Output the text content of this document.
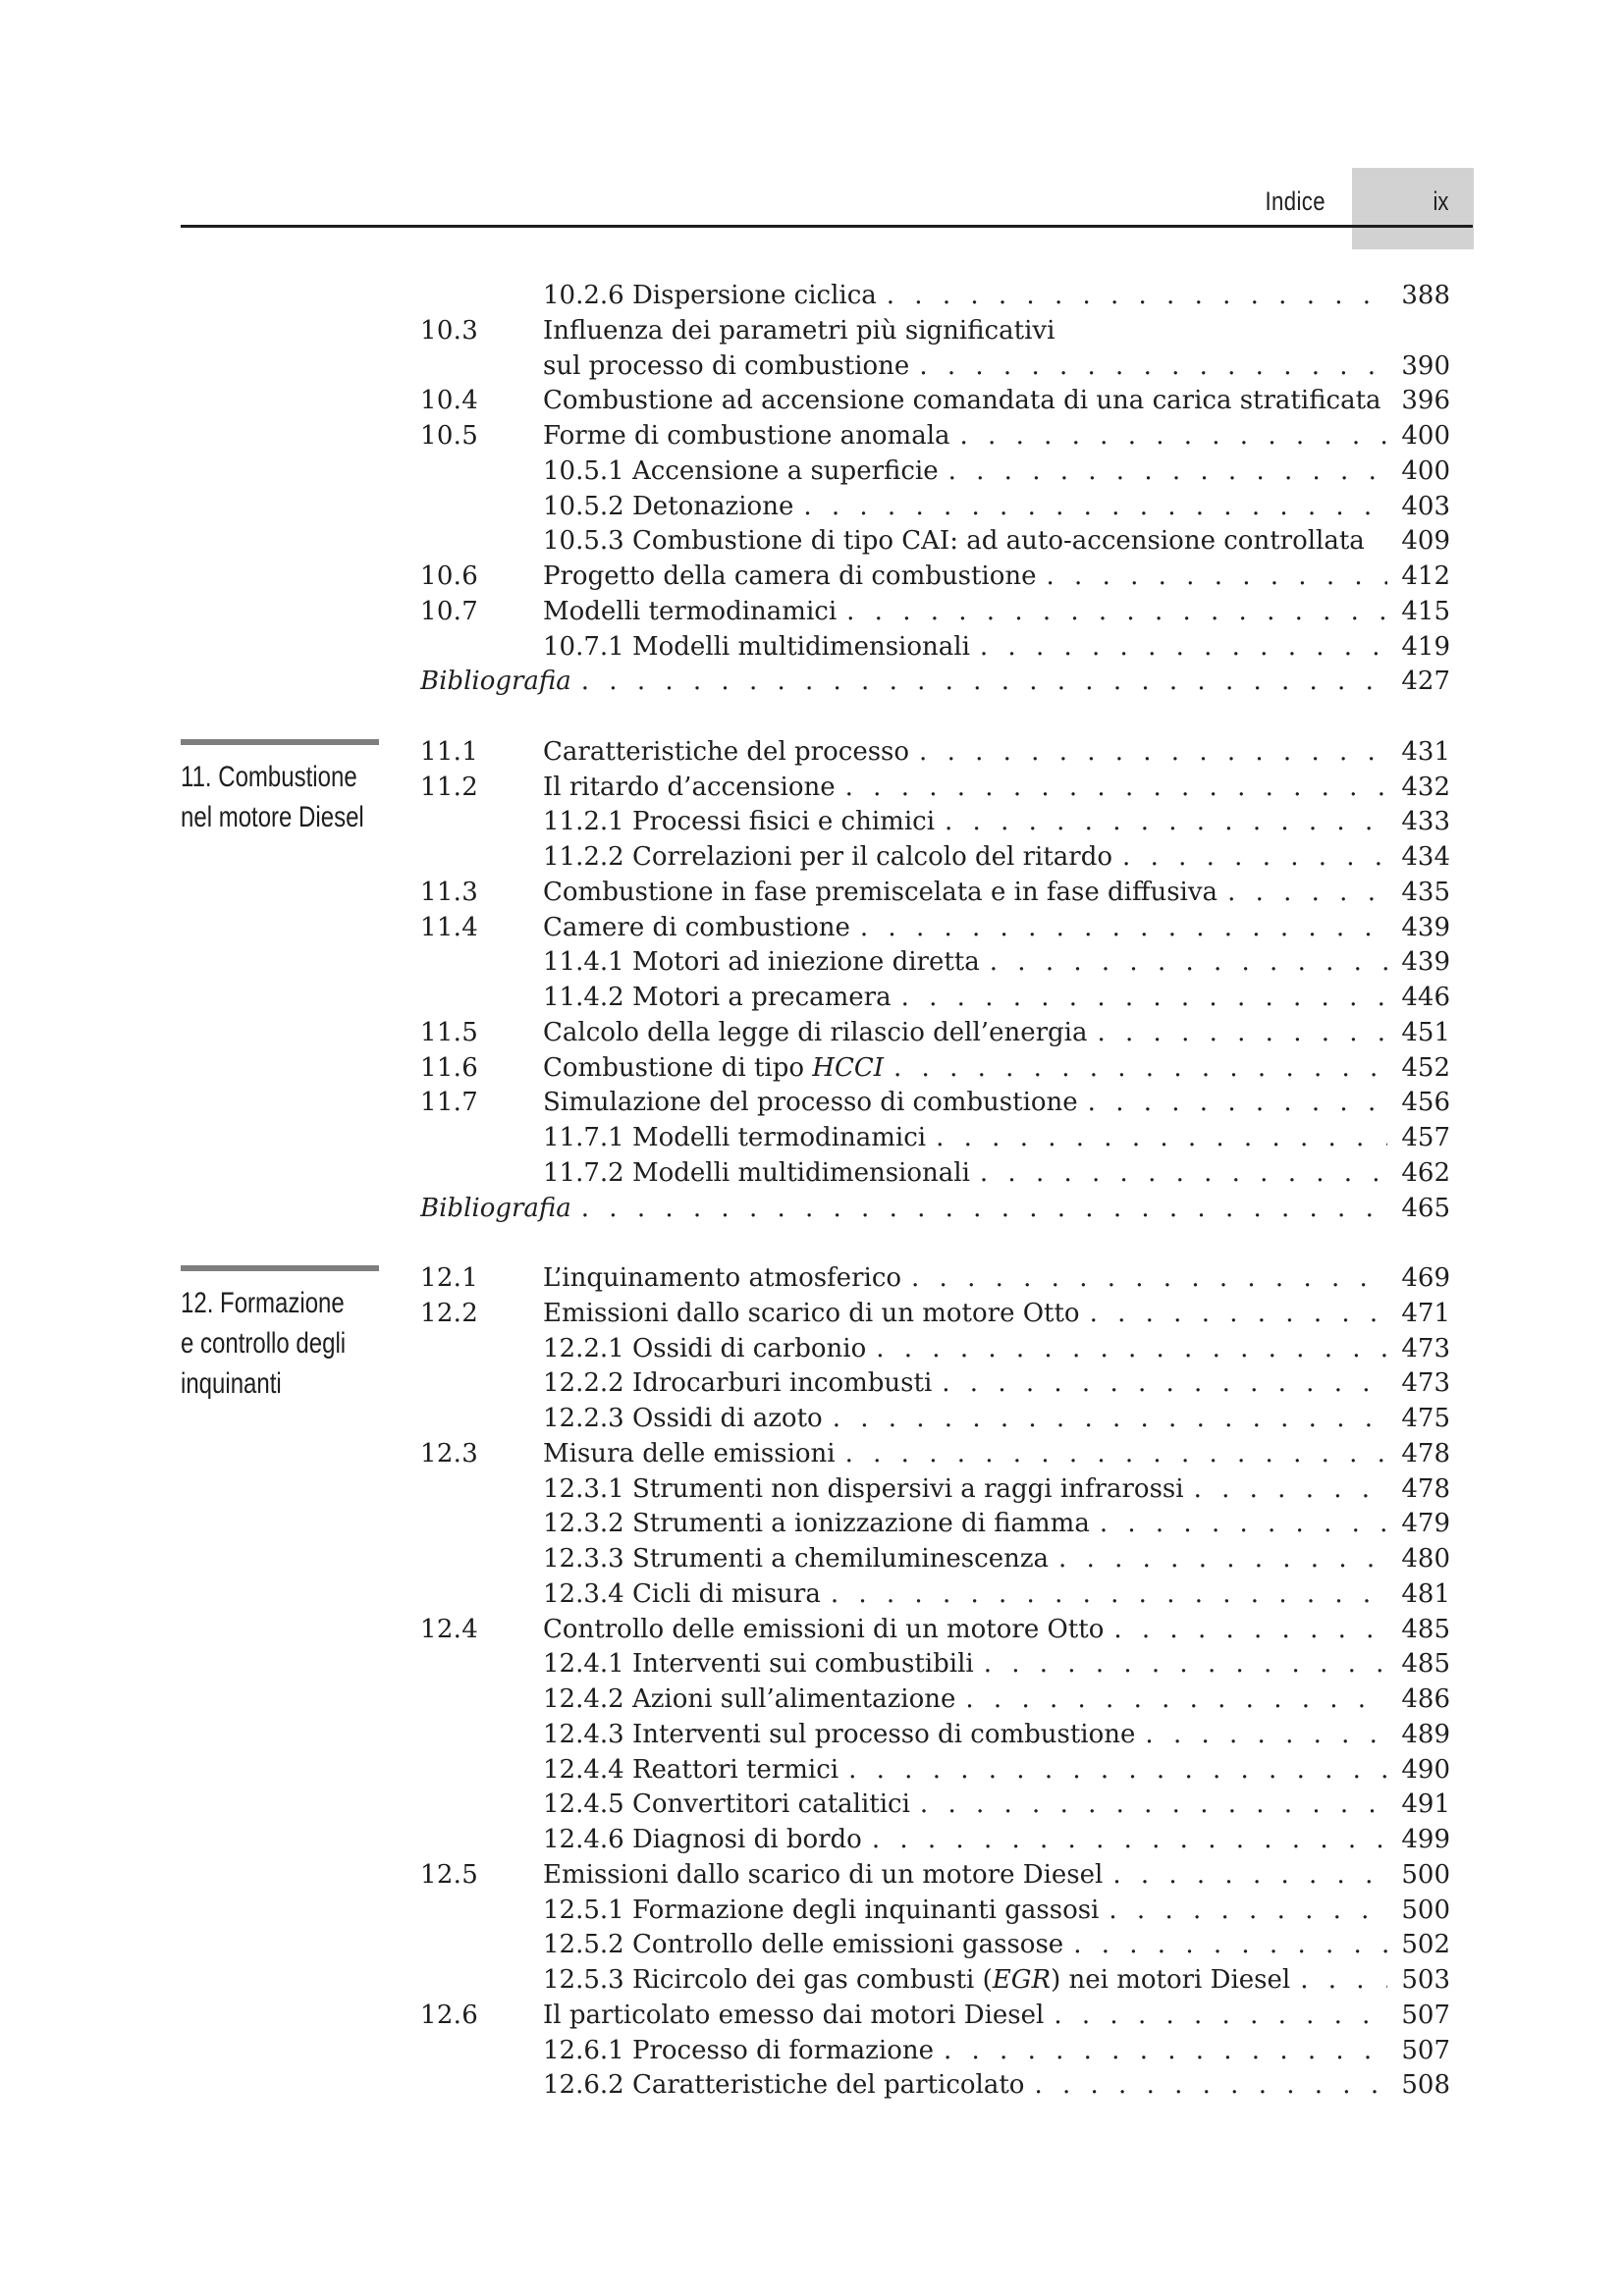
Indice	ix
11. Combustione
nel motore Diesel
12. Formazione
e controllo degli
inquinanti
10.2.6 Dispersione ciclica . . .	388
10.3	Influenza dei parametri più significativi
sul processo di combustione . . .	390
10.4	Combustione ad accensione comandata di una carica stratificata 396
10.5	Forme di combustione anomala . . .	400
10.5.1 Accensione a superficie . . .	400
10.5.2 Detonazione . . .	403
10.5.3 Combustione di tipo CAI: ad auto-accensione controllata	409
10.6	Progetto della camera di combustione . . .	412
10.7	Modelli termodinamici . . .	415
10.7.1 Modelli multidimensionali . . .	419
Bibliografia . . .	427
11.1	Caratteristiche del processo . . .	431
11.2	Il ritardo d’accensione . . .	432
11.2.1 Processi fisici e chimici . . .	433
11.2.2 Correlazioni per il calcolo del ritardo . . .	434
11.3	Combustione in fase premiscelata e in fase diffusiva . . .	435
11.4	Camere di combustione . . .	439
11.4.1 Motori ad iniezione diretta . . .	439
11.4.2 Motori a precamera . . .	446
11.5	Calcolo della legge di rilascio dell’energia . . .	451
11.6	Combustione di tipo HCCI . . .	452
11.7	Simulazione del processo di combustione . . .	456
11.7.1 Modelli termodinamici . . .	457
11.7.2 Modelli multidimensionali . . .	462
Bibliografia . . .	465
12.1	L’inquinamento atmosferico . . .	469
12.2	Emissioni dallo scarico di un motore Otto . . .	471
12.2.1 Ossidi di carbonio . . .	473
12.2.2 Idrocarburi incombusti . . .	473
12.2.3 Ossidi di azoto . . .	475
12.3	Misura delle emissioni . . .	478
12.3.1 Strumenti non dispersivi a raggi infrarossi . . .	478
12.3.2 Strumenti a ionizzazione di fiamma . . .	479
12.3.3 Strumenti a chemiluminescenza . . .	480
12.3.4 Cicli di misura . . .	481
12.4	Controllo delle emissioni di un motore Otto . . .	485
12.4.1 Interventi sui combustibili . . .	485
12.4.2 Azioni sull’alimentazione . . .	486
12.4.3 Interventi sul processo di combustione . . .	489
12.4.4 Reattori termici . . .	490
12.4.5 Convertitori catalitici . . .	491
12.4.6 Diagnosi di bordo . . .	499
12.5	Emissioni dallo scarico di un motore Diesel . . .	500
12.5.1 Formazione degli inquinanti gassosi . . .	500
12.5.2 Controllo delle emissioni gassose . . .	502
12.5.3 Ricircolo dei gas combusti (EGR) nei motori Diesel . . .	503
12.6	Il particolato emesso dai motori Diesel . . .	507
12.6.1 Processo di formazione . . .	507
12.6.2 Caratteristiche del particolato . . .	508
